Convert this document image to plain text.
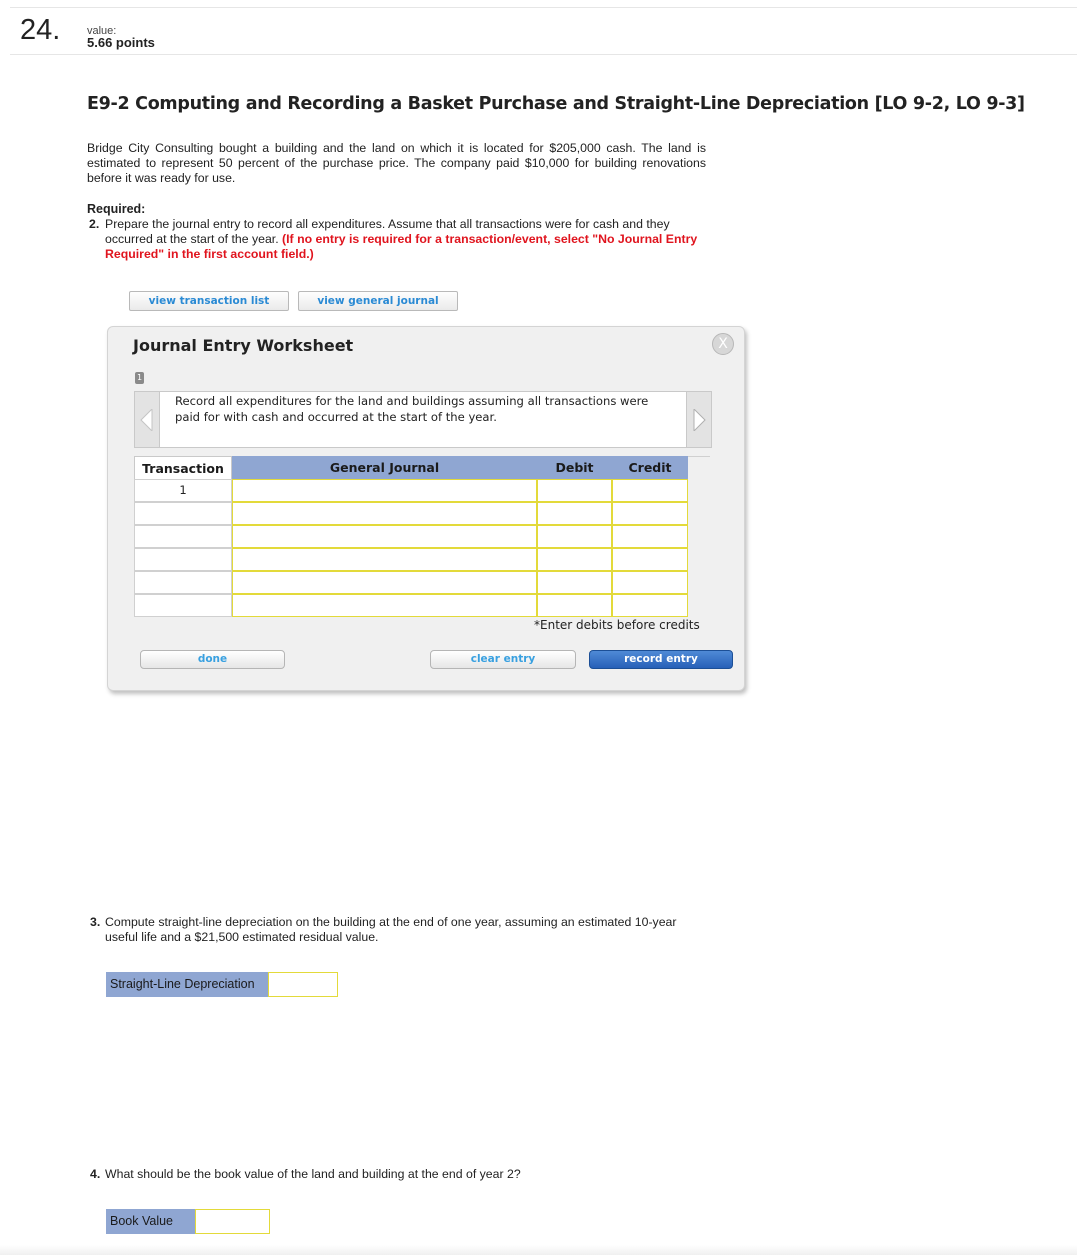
24. value:
5.66 points
E9-2 Computing and Recording a Basket Purchase and Straight-Line Depreciation [LO 9-2, LO 9-3]
Bridge City Consulting bought a building and the land on which it is located for $205,000 cash. The land is estimated to represent 50 percent of the purchase price. The company paid $10,000 for building renovations before it was ready for use.
Required:
2. Prepare the journal entry to record all expenditures. Assume that all transactions were for cash and they occurred at the start of the year. (If no entry is required for a transaction/event, select "No Journal Entry Required" in the first account field.)
view transaction list	view general journal
Journal Entry Worksheet	X
1
Record all expenditures for the land and buildings assuming all transactions were paid for with cash and occurred at the start of the year.
Transaction	General Journal	Debit	Credit
1
*Enter debits before credits
done	clear entry	record entry
3. Compute straight-line depreciation on the building at the end of one year, assuming an estimated 10-year useful life and a $21,500 estimated residual value.
Straight-Line Depreciation
4. What should be the book value of the land and building at the end of year 2?
Book Value
